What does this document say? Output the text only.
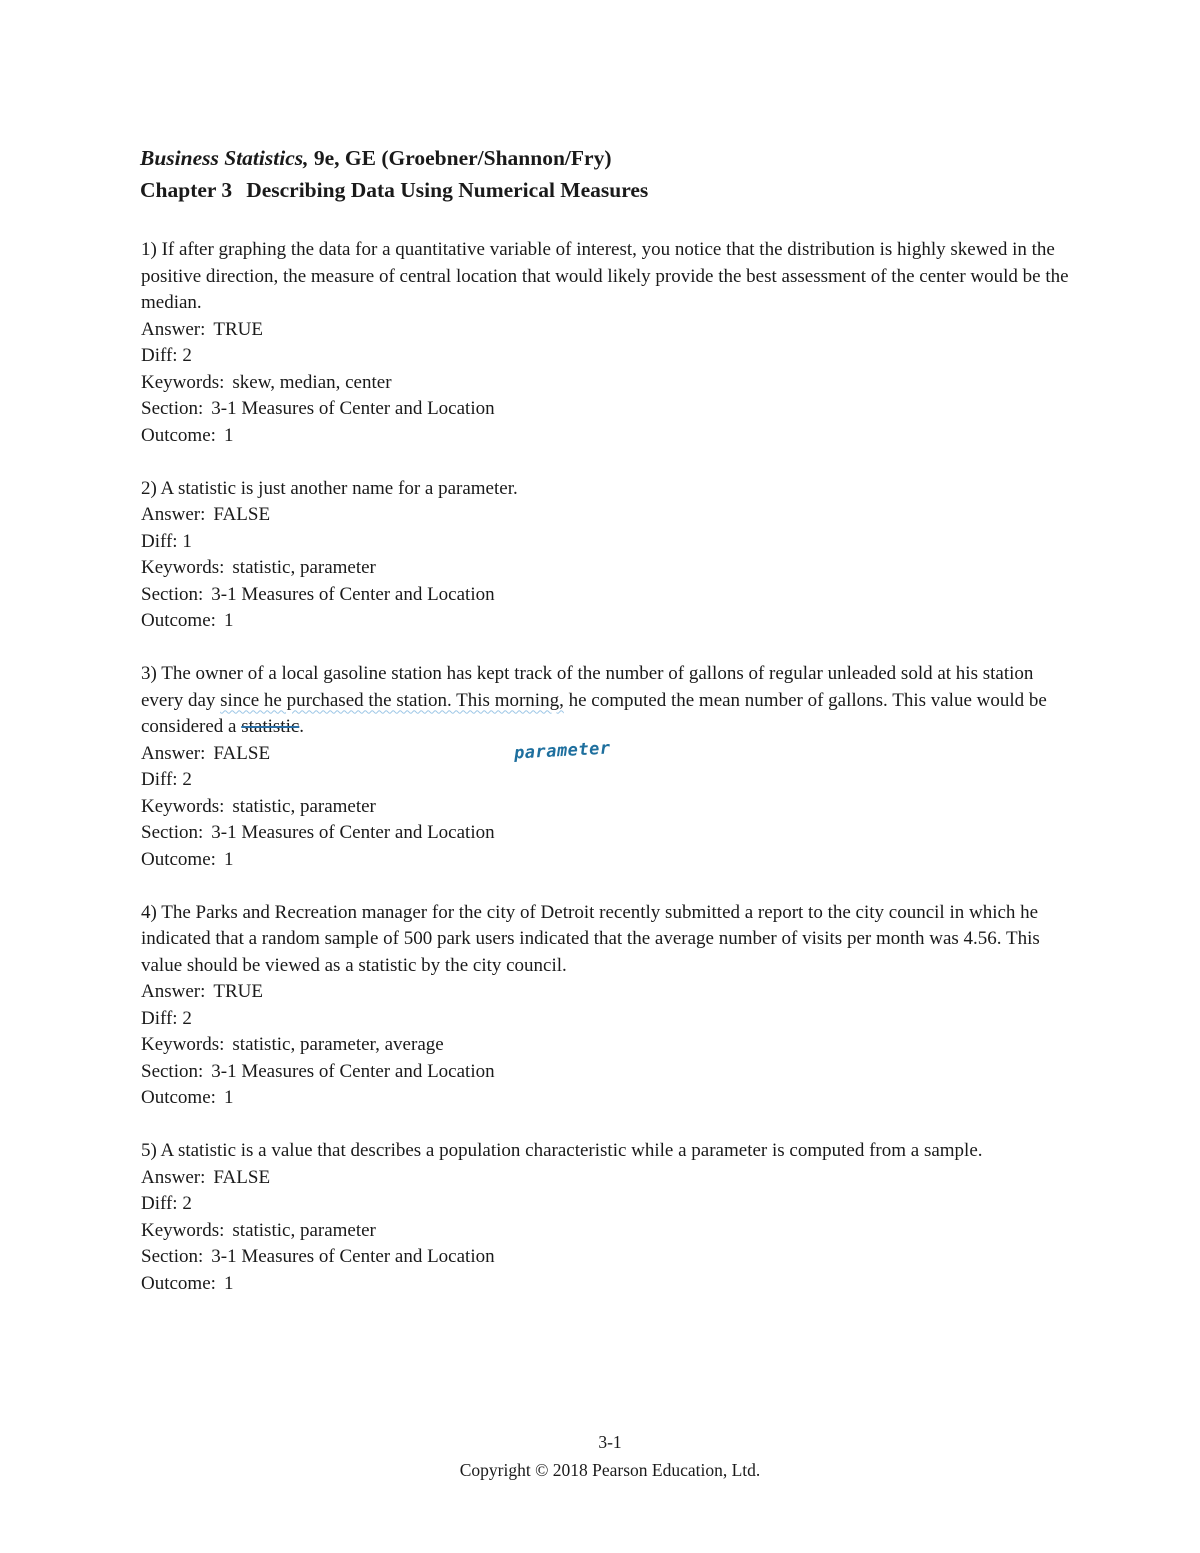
Business Statistics, 9e, GE (Groebner/Shannon/Fry)
Chapter 3 Describing Data Using Numerical Measures
1) If after graphing the data for a quantitative variable of interest, you notice that the distribution is highly skewed in the positive direction, the measure of central location that would likely provide the best assessment of the center would be the median.
Answer: TRUE
Diff: 2
Keywords: skew, median, center
Section: 3-1 Measures of Center and Location
Outcome: 1
2) A statistic is just another name for a parameter.
Answer: FALSE
Diff: 1
Keywords: statistic, parameter
Section: 3-1 Measures of Center and Location
Outcome: 1
3) The owner of a local gasoline station has kept track of the number of gallons of regular unleaded sold at his station every day since he purchased the station. This morning, he computed the mean number of gallons. This value would be considered a statistic.
Answer: FALSE
Diff: 2
Keywords: statistic, parameter
Section: 3-1 Measures of Center and Location
Outcome: 1
4) The Parks and Recreation manager for the city of Detroit recently submitted a report to the city council in which he indicated that a random sample of 500 park users indicated that the average number of visits per month was 4.56. This value should be viewed as a statistic by the city council.
Answer: TRUE
Diff: 2
Keywords: statistic, parameter, average
Section: 3-1 Measures of Center and Location
Outcome: 1
5) A statistic is a value that describes a population characteristic while a parameter is computed from a sample.
Answer: FALSE
Diff: 2
Keywords: statistic, parameter
Section: 3-1 Measures of Center and Location
Outcome: 1
parameter
3-1
Copyright © 2018 Pearson Education, Ltd.
